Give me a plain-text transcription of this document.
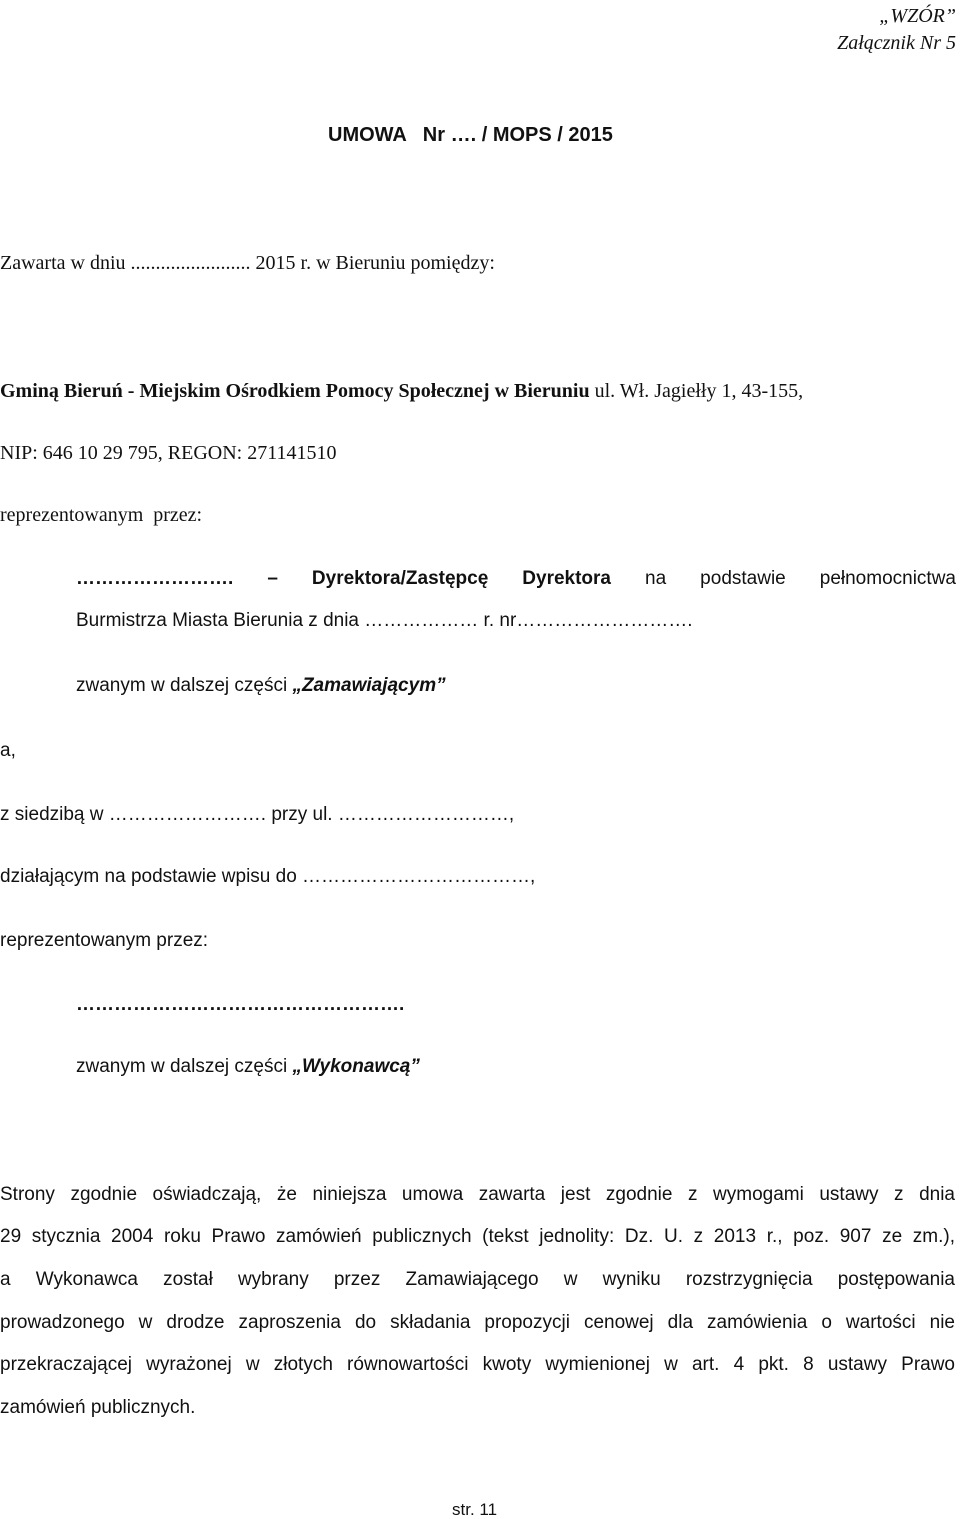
„WZÓR”
Załącznik Nr 5
UMOWA   Nr …. / MOPS / 2015
Zawarta w dniu ........................ 2015 r. w Bieruniu pomiędzy:
Gminą Bieruń - Miejskim Ośrodkiem Pomocy Społecznej w Bieruniu ul. Wł. Jagiełły 1, 43-155,
NIP: 646 10 29 795, REGON: 271141510
reprezentowanym  przez:
……………………. – Dyrektora/Zastępcę Dyrektora na podstawie pełnomocnictwa
Burmistrza Miasta Bierunia z dnia ……………… r. nr……………………….
zwanym w dalszej części „Zamawiającym”
a,
z siedzibą w ……………………. przy ul. ………………………,
działającym na podstawie wpisu do ………………………………,
reprezentowanym przez:
…………………………………………….
zwanym w dalszej części „Wykonawcą”
Strony zgodnie oświadczają, że niniejsza umowa zawarta jest zgodnie z wymogami ustawy z dnia
29 stycznia 2004 roku Prawo zamówień publicznych (tekst jednolity: Dz. U. z 2013 r., poz. 907 ze zm.),
a Wykonawca został wybrany przez Zamawiającego w wyniku rozstrzygnięcia postępowania
prowadzonego w drodze zaproszenia do składania propozycji cenowej dla zamówienia o wartości nie
przekraczającej wyrażonej w złotych równowartości kwoty wymienionej w art. 4 pkt. 8 ustawy Prawo
zamówień publicznych.
str. 11
